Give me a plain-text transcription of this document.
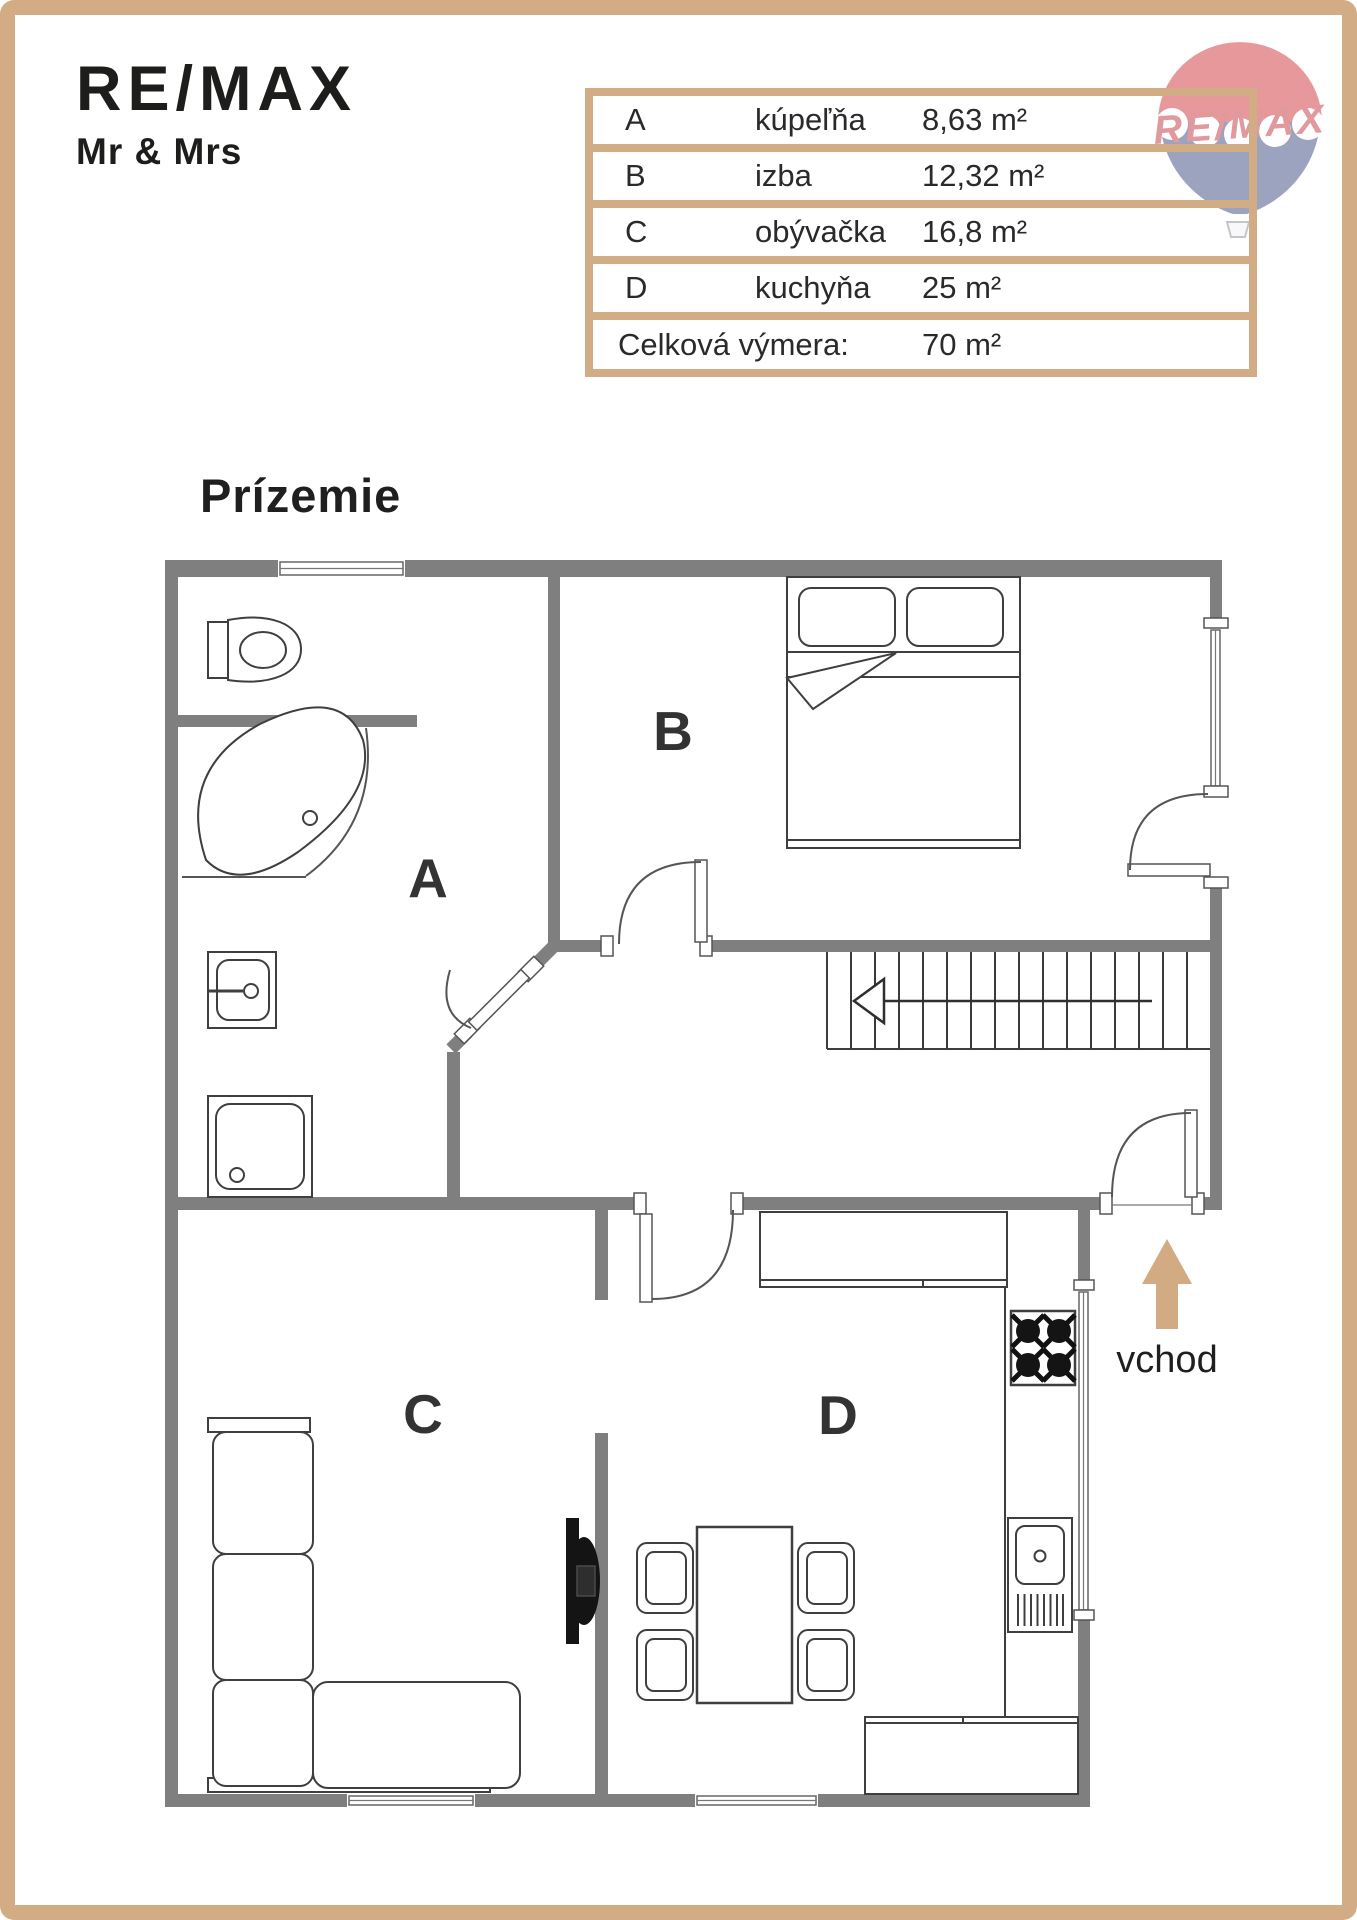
RE/MAX
A
B
C	D
vchod
RE/MAX
Mr & Mrs
A	kúpeľňa 8,63 m²
B	izba	12,32 m²
C	obývačka 16,8 m²
D	kuchyňa 25 m²
Celková výmera: 70 m²
Prízemie
